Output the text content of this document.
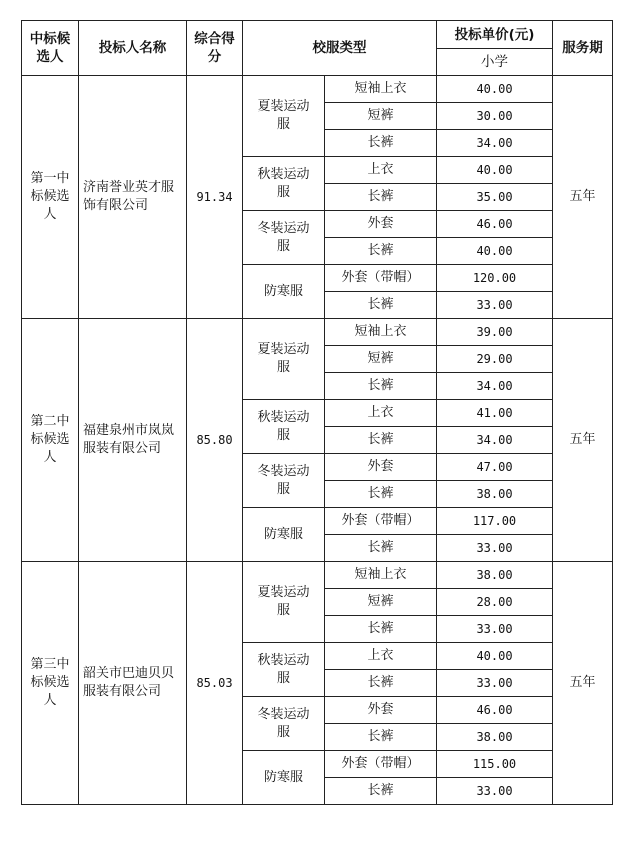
中标候选人	投标人名称	综合得分	校服类型		投标单价(元)	服务期
					小学	
第一中标候选人	济南誉业英才服饰有限公司	91.34	夏装运动服	短袖上衣	40.00	五年
				短裤	30.00	
				长裤	34.00	
			秋装运动服	上衣	40.00	
				长裤	35.00	
			冬装运动服	外套	46.00	
				长裤	40.00	
			防寒服	外套（带帽）	120.00	
				长裤	33.00	
第二中标候选人	福建泉州市岚岚服装有限公司	85.80	夏装运动服	短袖上衣	39.00	五年
				短裤	29.00	
				长裤	34.00	
			秋装运动服	上衣	41.00	
				长裤	34.00	
			冬装运动服	外套	47.00	
				长裤	38.00	
			防寒服	外套（带帽）	117.00	
				长裤	33.00	
第三中标候选人	韶关市巴迪贝贝服装有限公司	85.03	夏装运动服	短袖上衣	38.00	五年
				短裤	28.00	
				长裤	33.00	
			秋装运动服	上衣	40.00	
				长裤	33.00	
			冬装运动服	外套	46.00	
				长裤	38.00	
			防寒服	外套（带帽）	115.00	
				长裤	33.00	
